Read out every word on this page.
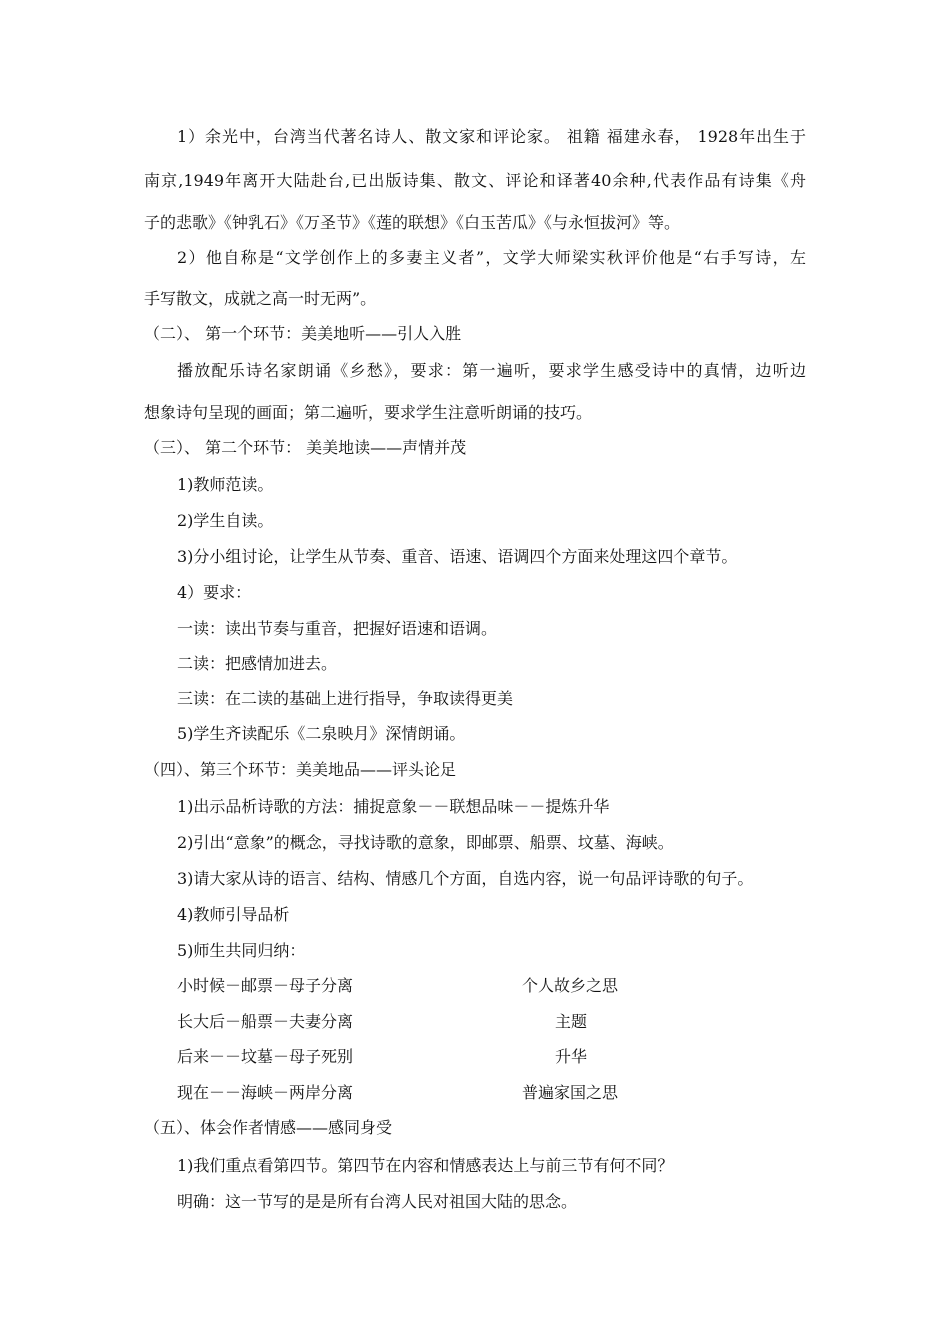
1）余光中，台湾当代著名诗人、散文家和评论家。 祖籍 福建永春， 1928年出生于
南京,1949年离开大陆赴台,已出版诗集、散文、评论和译著40余种,代表作品有诗集《舟
子的悲歌》《钟乳石》《万圣节》《莲的联想》《白玉苦瓜》《与永恒拔河》等。
2）他自称是“文学创作上的多妻主义者”，文学大师梁实秋评价他是“右手写诗，左
手写散文，成就之高一时无两”。
（二）、 第一个环节：美美地听——引人入胜
播放配乐诗名家朗诵《乡愁》，要求：第一遍听，要求学生感受诗中的真情，边听边
想象诗句呈现的画面；第二遍听，要求学生注意听朗诵的技巧。
（三）、 第二个环节： 美美地读——声情并茂
1)教师范读。
2)学生自读。
3)分小组讨论，让学生从节奏、重音、语速、语调四个方面来处理这四个章节。
4）要求：
一读：读出节奏与重音，把握好语速和语调。
二读：把感情加进去。
三读：在二读的基础上进行指导，争取读得更美
5)学生齐读配乐《二泉映月》深情朗诵。
（四）、第三个环节：美美地品——评头论足
1)出示品析诗歌的方法：捕捉意象－－联想品味－－提炼升华
2)引出“意象”的概念，寻找诗歌的意象，即邮票、船票、坟墓、海峡。
3)请大家从诗的语言、结构、情感几个方面，自选内容，说一句品评诗歌的句子。
4)教师引导品析
5)师生共同归纳：
小时候－邮票－母子分离	个人故乡之思
长大后－船票－夫妻分离	主题
后来－－坟墓－母子死别	升华
现在－－海峡－两岸分离	普遍家国之思
（五）、体会作者情感——感同身受
1)我们重点看第四节。第四节在内容和情感表达上与前三节有何不同？
明确：这一节写的是是所有台湾人民对祖国大陆的思念。
